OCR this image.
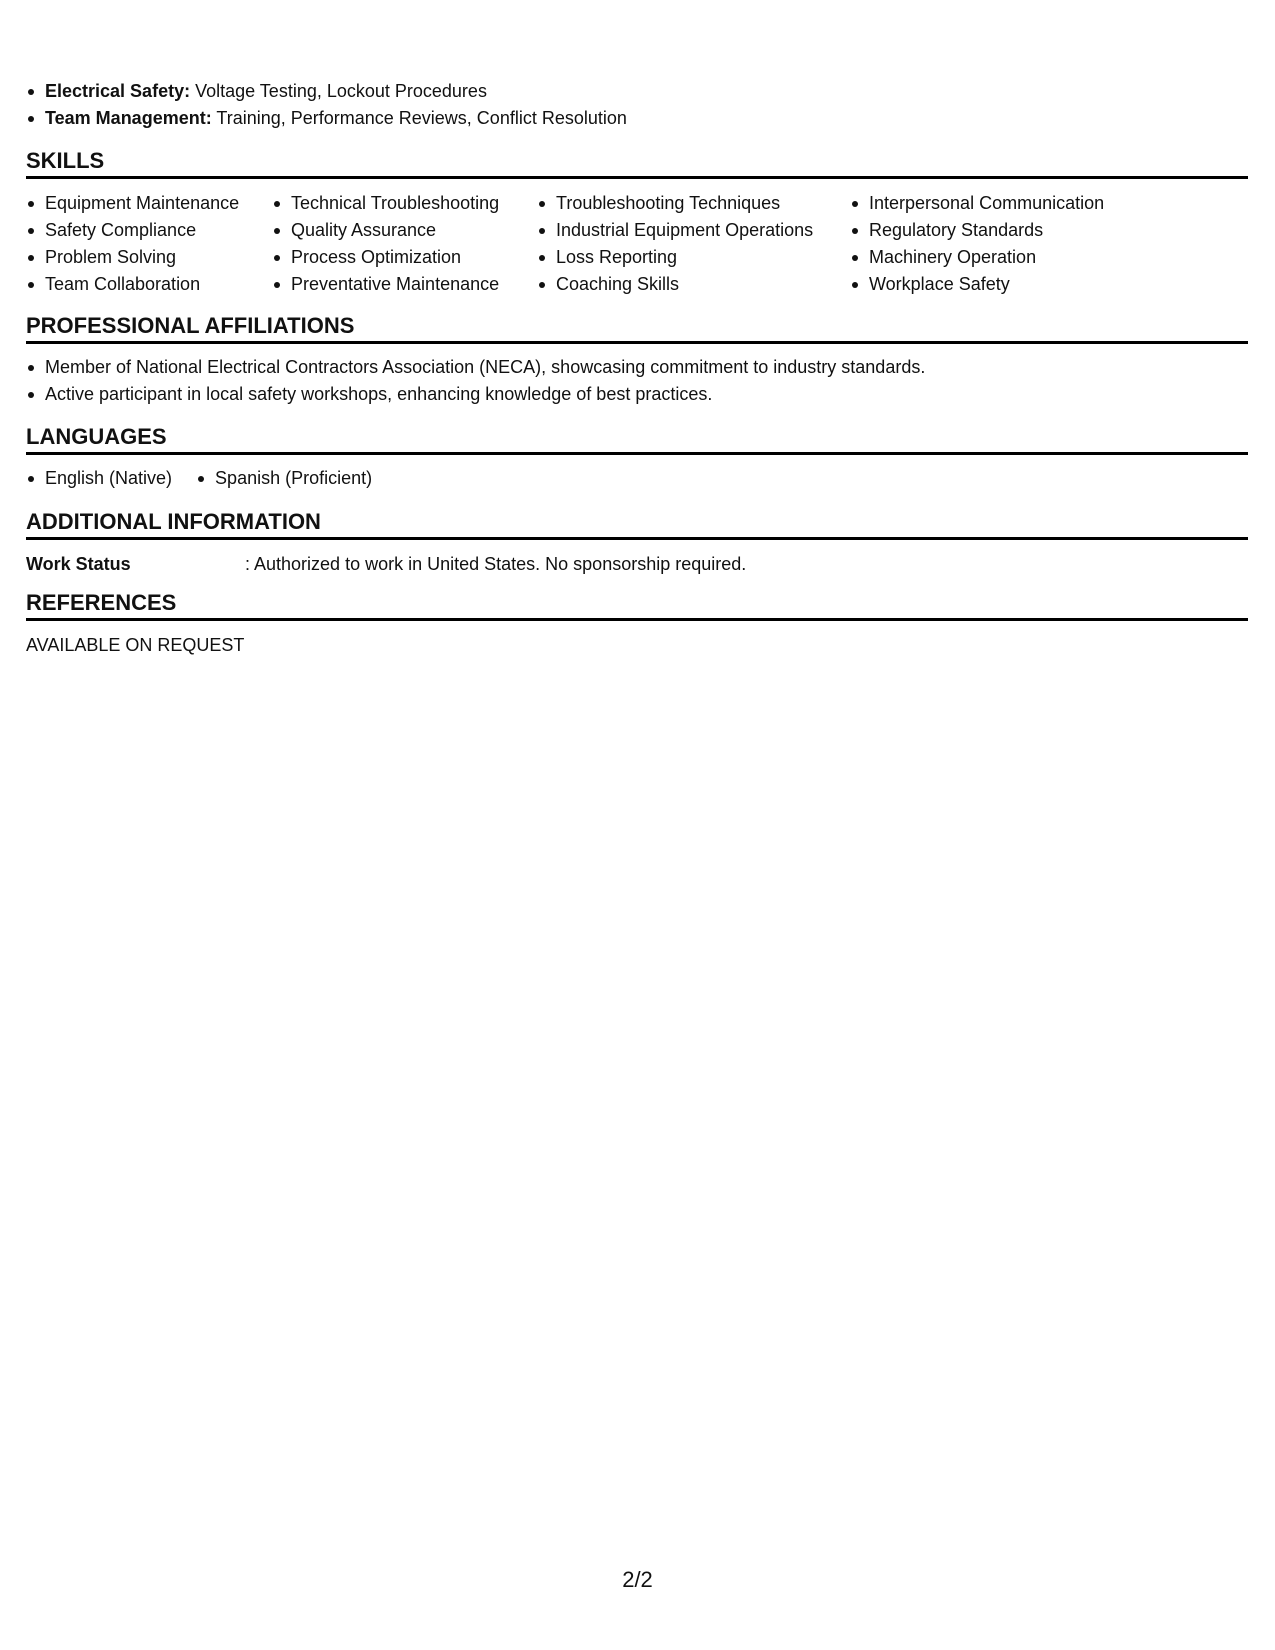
Electrical Safety: Voltage Testing, Lockout Procedures
Team Management: Training, Performance Reviews, Conflict Resolution
SKILLS
Equipment Maintenance
Safety Compliance
Problem Solving
Team Collaboration
Technical Troubleshooting
Quality Assurance
Process Optimization
Preventative Maintenance
Troubleshooting Techniques
Industrial Equipment Operations
Loss Reporting
Coaching Skills
Interpersonal Communication
Regulatory Standards
Machinery Operation
Workplace Safety
PROFESSIONAL AFFILIATIONS
Member of National Electrical Contractors Association (NECA), showcasing commitment to industry standards.
Active participant in local safety workshops, enhancing knowledge of best practices.
LANGUAGES
English (Native)	Spanish (Proficient)
ADDITIONAL INFORMATION
Work Status	: Authorized to work in United States. No sponsorship required.
REFERENCES
AVAILABLE ON REQUEST
2/2
